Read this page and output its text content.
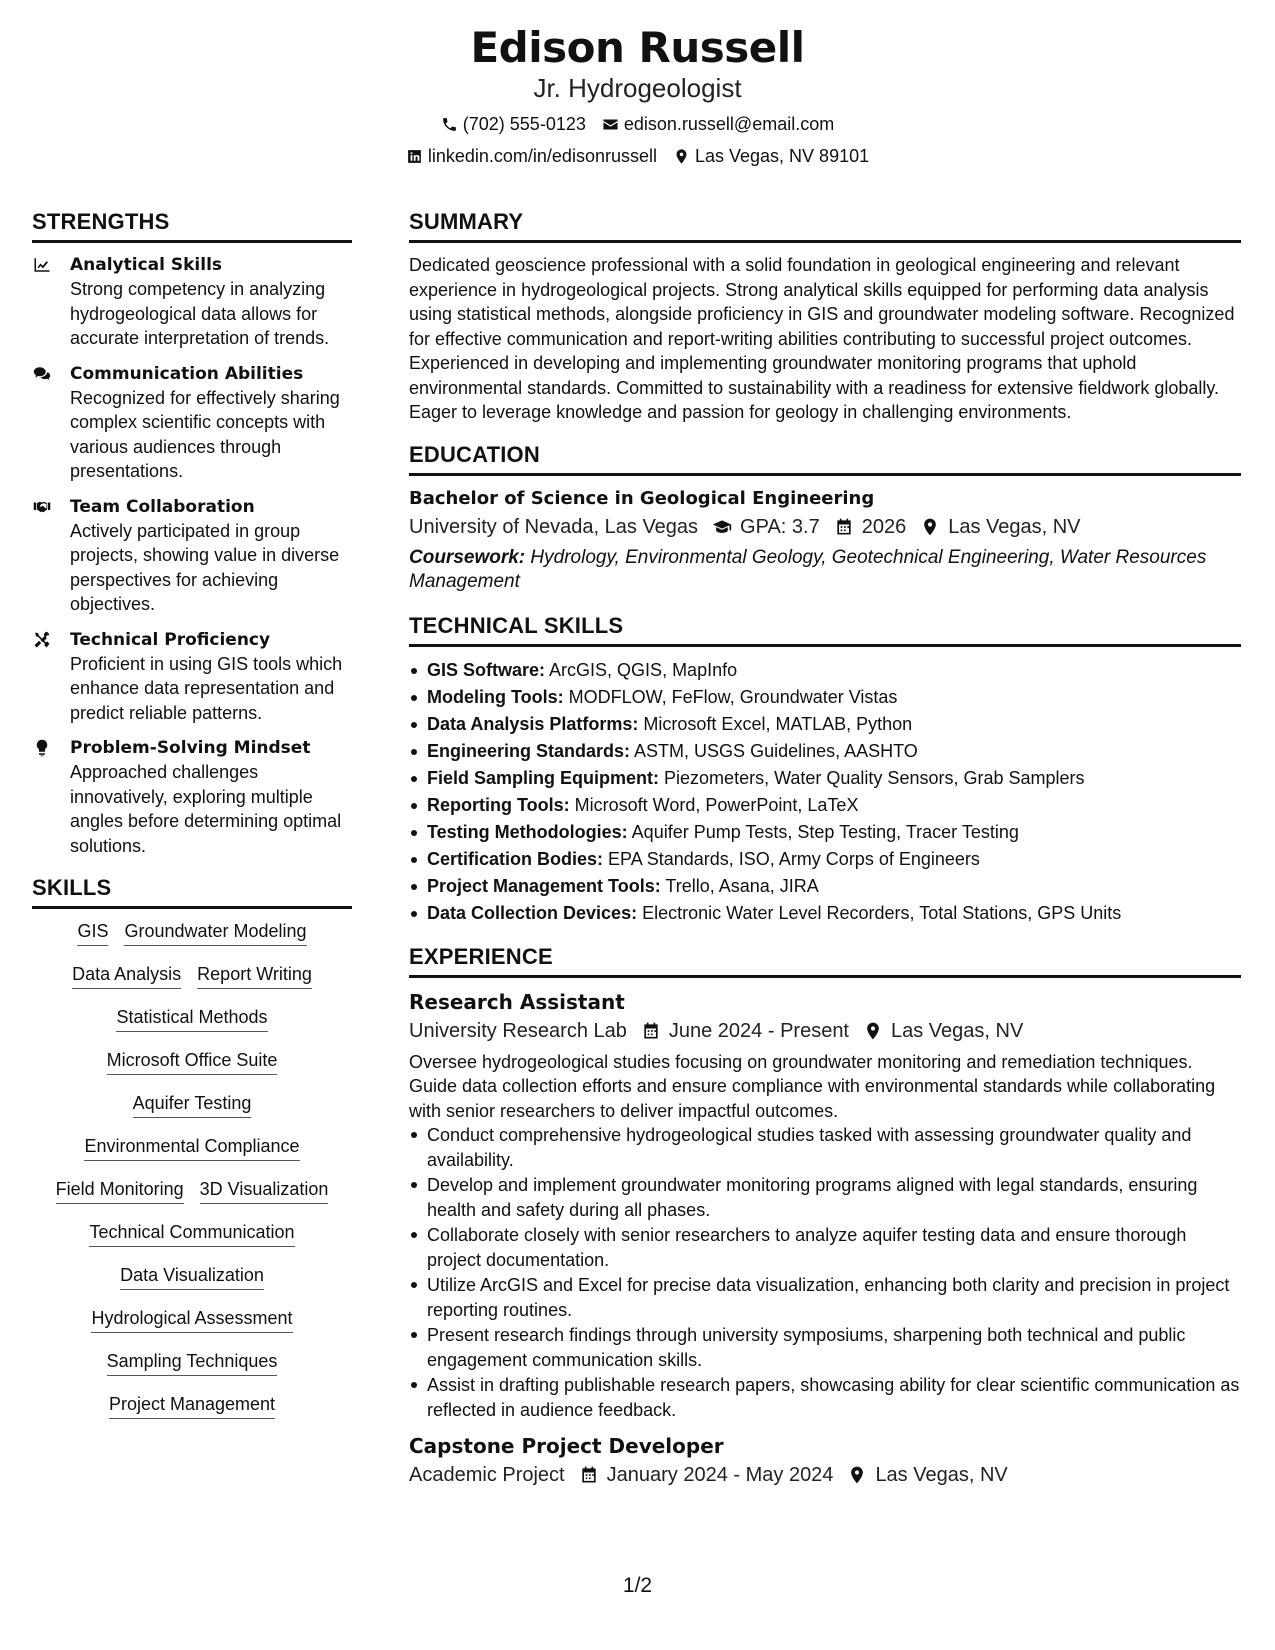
Edison Russell
Jr. Hydrogeologist
(702) 555-0123 edison.russell@email.com
linkedin.com/in/edisonrussell Las Vegas, NV 89101
STRENGTHS
Analytical Skills
Strong competency in analyzing hydrogeological data allows for accurate interpretation of trends.
Communication Abilities
Recognized for effectively sharing complex scientific concepts with various audiences through presentations.
Team Collaboration
Actively participated in group projects, showing value in diverse perspectives for achieving objectives.
Technical Proficiency
Proficient in using GIS tools which enhance data representation and predict reliable patterns.
Problem-Solving Mindset
Approached challenges innovatively, exploring multiple angles before determining optimal solutions.
SKILLS
GIS Groundwater Modeling
Data Analysis Report Writing
Statistical Methods
Microsoft Office Suite
Aquifer Testing
Environmental Compliance
Field Monitoring 3D Visualization
Technical Communication
Data Visualization
Hydrological Assessment
Sampling Techniques
Project Management
SUMMARY
Dedicated geoscience professional with a solid foundation in geological engineering and relevant experience in hydrogeological projects. Strong analytical skills equipped for performing data analysis using statistical methods, alongside proficiency in GIS and groundwater modeling software. Recognized for effective communication and report-writing abilities contributing to successful project outcomes. Experienced in developing and implementing groundwater monitoring programs that uphold environmental standards. Committed to sustainability with a readiness for extensive fieldwork globally. Eager to leverage knowledge and passion for geology in challenging environments.
EDUCATION
Bachelor of Science in Geological Engineering
University of Nevada, Las Vegas GPA: 3.7 2026 Las Vegas, NV
Coursework: Hydrology, Environmental Geology, Geotechnical Engineering, Water Resources Management
TECHNICAL SKILLS
GIS Software: ArcGIS, QGIS, MapInfo
Modeling Tools: MODFLOW, FeFlow, Groundwater Vistas
Data Analysis Platforms: Microsoft Excel, MATLAB, Python
Engineering Standards: ASTM, USGS Guidelines, AASHTO
Field Sampling Equipment: Piezometers, Water Quality Sensors, Grab Samplers
Reporting Tools: Microsoft Word, PowerPoint, LaTeX
Testing Methodologies: Aquifer Pump Tests, Step Testing, Tracer Testing
Certification Bodies: EPA Standards, ISO, Army Corps of Engineers
Project Management Tools: Trello, Asana, JIRA
Data Collection Devices: Electronic Water Level Recorders, Total Stations, GPS Units
EXPERIENCE
Research Assistant
University Research Lab June 2024 - Present Las Vegas, NV
Oversee hydrogeological studies focusing on groundwater monitoring and remediation techniques. Guide data collection efforts and ensure compliance with environmental standards while collaborating with senior researchers to deliver impactful outcomes.
Conduct comprehensive hydrogeological studies tasked with assessing groundwater quality and availability.
Develop and implement groundwater monitoring programs aligned with legal standards, ensuring health and safety during all phases.
Collaborate closely with senior researchers to analyze aquifer testing data and ensure thorough project documentation.
Utilize ArcGIS and Excel for precise data visualization, enhancing both clarity and precision in project reporting routines.
Present research findings through university symposiums, sharpening both technical and public engagement communication skills.
Assist in drafting publishable research papers, showcasing ability for clear scientific communication as reflected in audience feedback.
Capstone Project Developer
Academic Project January 2024 - May 2024 Las Vegas, NV
1/2
